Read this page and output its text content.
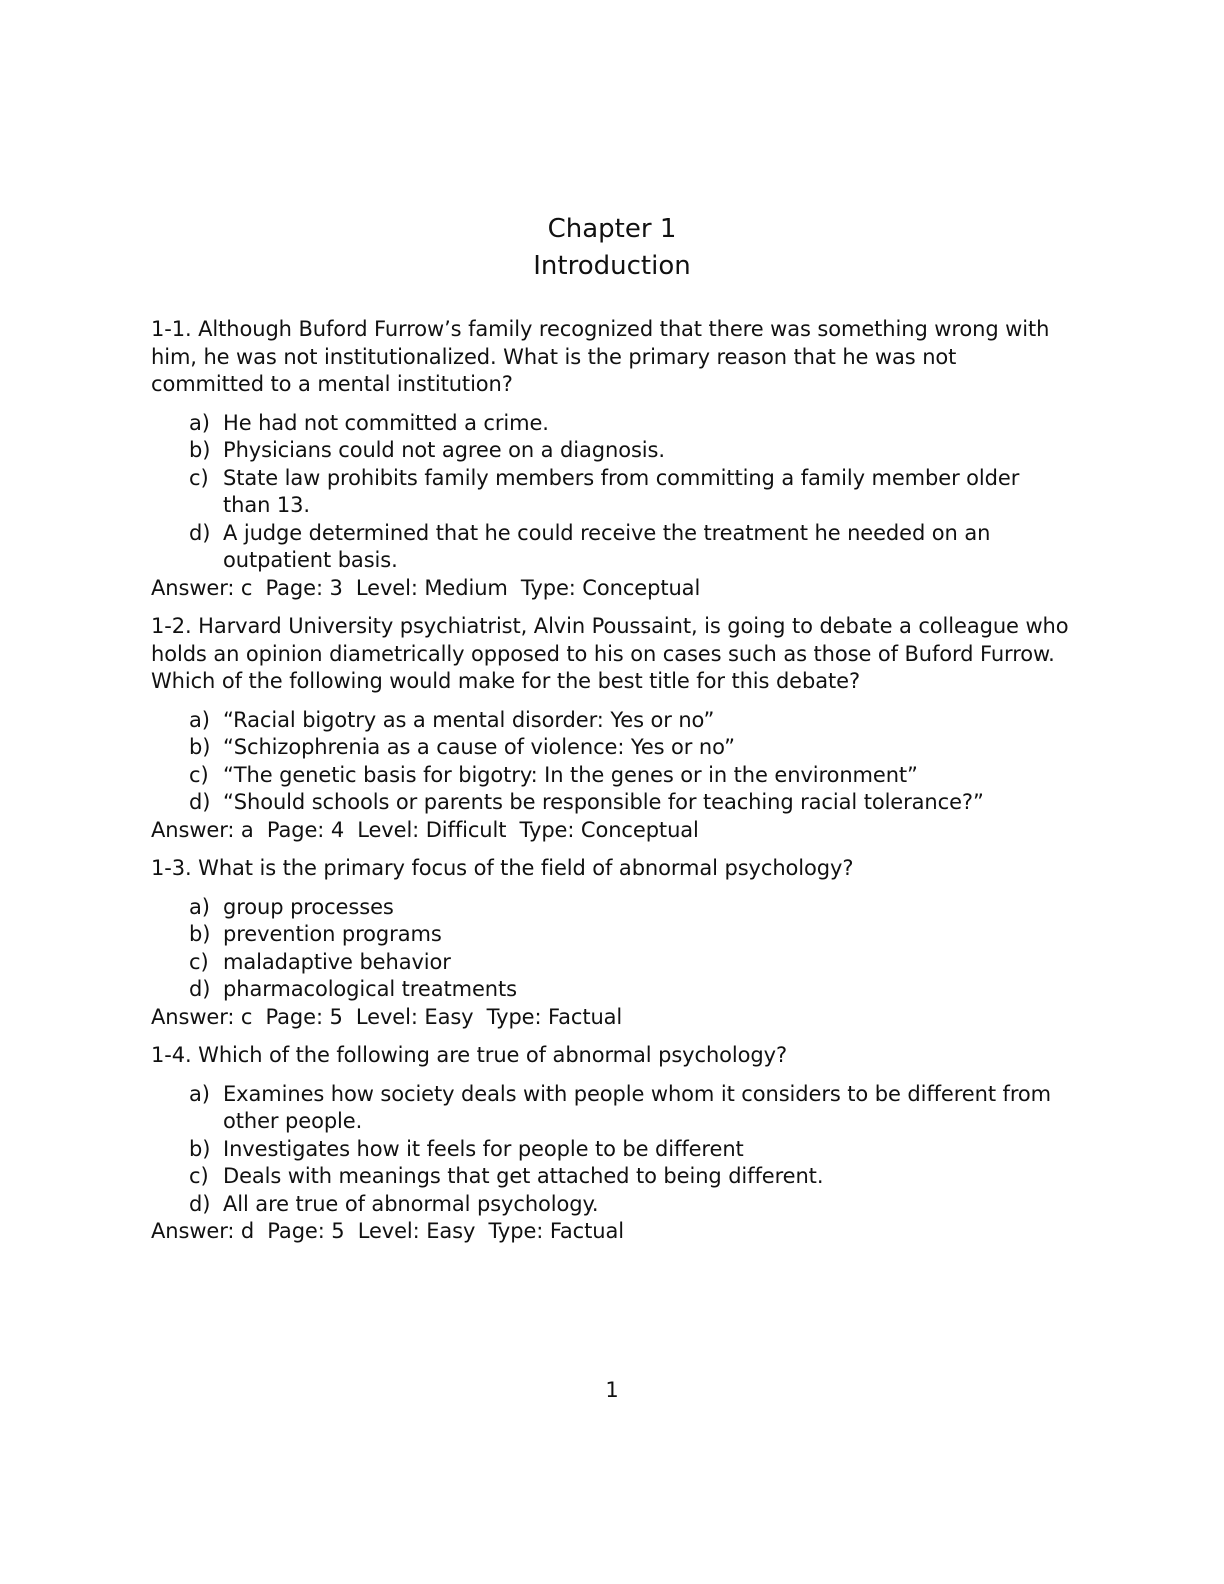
Chapter 1
Introduction

1-1. Although Buford Furrow’s family recognized that there was something wrong with him, he was not institutionalized. What is the primary reason that he was not committed to a mental institution?

a) He had not committed a crime.
b) Physicians could not agree on a diagnosis.
c) State law prohibits family members from committing a family member older than 13.
d) A judge determined that he could receive the treatment he needed on an outpatient basis.

Answer: c  Page: 3  Level: Medium  Type: Conceptual

1-2. Harvard University psychiatrist, Alvin Poussaint, is going to debate a colleague who holds an opinion diametrically opposed to his on cases such as those of Buford Furrow. Which of the following would make for the best title for this debate?

a) “Racial bigotry as a mental disorder: Yes or no”
b) “Schizophrenia as a cause of violence: Yes or no”
c) “The genetic basis for bigotry: In the genes or in the environment”
d) “Should schools or parents be responsible for teaching racial tolerance?”

Answer: a  Page: 4  Level: Difficult  Type: Conceptual

1-3. What is the primary focus of the field of abnormal psychology?

a) group processes
b) prevention programs
c) maladaptive behavior
d) pharmacological treatments

Answer: c  Page: 5  Level: Easy  Type: Factual

1-4. Which of the following are true of abnormal psychology?

a) Examines how society deals with people whom it considers to be different from other people.
b) Investigates how it feels for people to be different
c) Deals with meanings that get attached to being different.
d) All are true of abnormal psychology.

Answer: d  Page: 5  Level: Easy  Type: Factual

1
